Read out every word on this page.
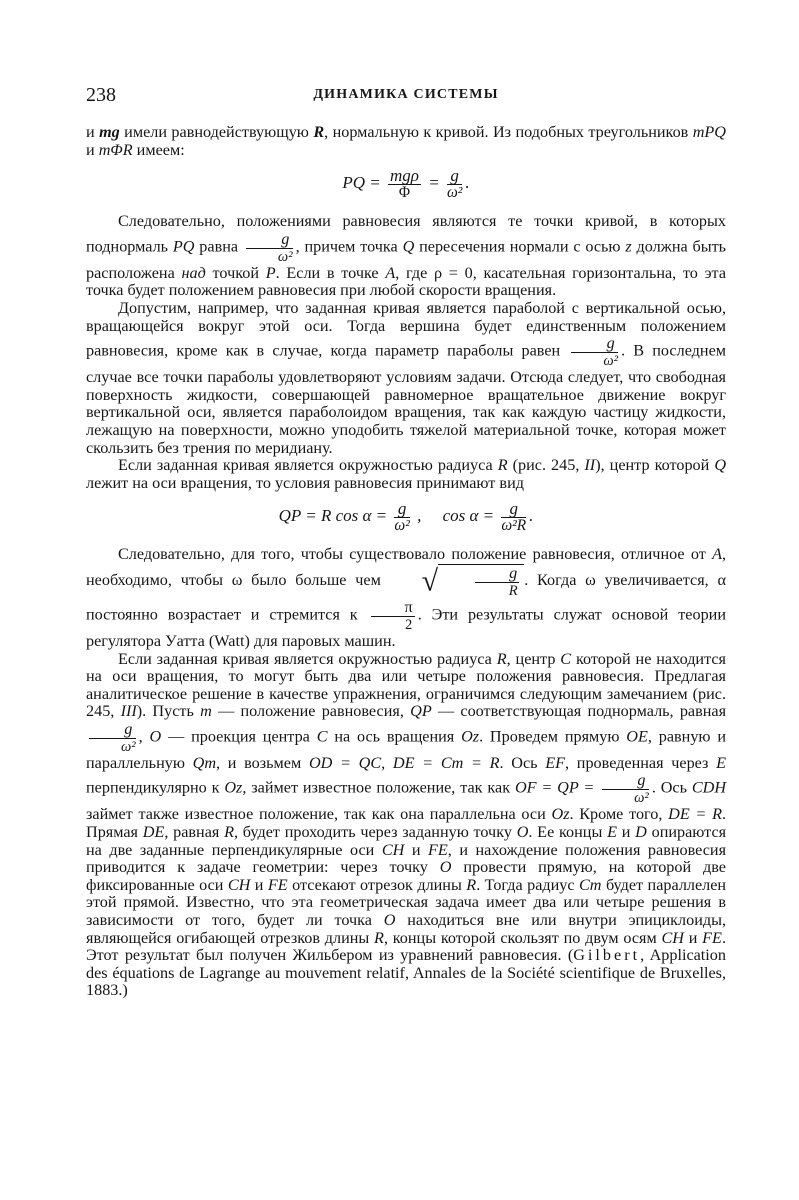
238	ДИНАМИКА СИСТЕМЫ

и mg имели равнодействующую R, нормальную к кривой. Из подобных треугольников mPQ и mΦR имеем:

PQ = $\frac{\text{mgρ}}{\Phi} = \frac{g}{\text{ω²}}$ .

Следовательно, положениями равновесия являются те точки кривой, в которых поднормаль PQ равна $\frac{g}{\text{ω²}}$ , причем точка Q пересечения нормали с осью z должна быть расположена над точкой P. Если в точке A, где ρ = 0, касательная горизонтальна, то эта точка будет положением равновесия при любой скорости вращения.

Допустим, например, что заданная кривая является параболой с вертикальной осью, вращающейся вокруг этой оси. Тогда вершина будет единственным положением равновесия, кроме как в случае, когда параметр параболы равен $\frac{g}{\text{ω²}}$ . В последнем случае все точки параболы удовлетворяют условиям задачи. Отсюда следует, что свободная поверхность жидкости, совершающей равномерное вращательное движение вокруг вертикальной оси, является параболоидом вращения, так как каждую частицу жидкости, лежащую на поверхности, можно уподобить тяжелой материальной точке, которая может скользить без трения по меридиану.

Если заданная кривая является окружностью радиуса R (рис. 245, II), центр которой Q лежит на оси вращения, то условия равновесия принимают вид

QP = R $\cos \alpha = \frac{g}{\text{ω²}}$ ,     $\cos \alpha = \frac{g}{\text{ω²R}}$ .

Следовательно, для того, чтобы существовало положение равновесия, отличное от A, необходимо, чтобы ω было больше чем √ $\frac{g}{R}$ . Когда ω увеличивается, α постоянно возрастает и стремится к $\frac{\pi}{2}$ . Эти результаты служат основой теории регулятора Уатта (Watt) для паровых машин.

Если заданная кривая является окружностью радиуса R, центр C которой не находится на оси вращения, то могут быть два или четыре положения равновесия. Предлагая аналитическое решение в качестве упражнения, ограничимся следующим замечанием (рис. 245, III). Пусть m — положение равновесия, QP — соответствующая поднормаль, равная
$\frac{g}{\text{ω²}}$ , O — проекция центра C на ось вращения Oz. Проведем прямую OE, равную и параллельную Qm, и возьмем OD = QC, DE = Cm = R. Ось EF, проведенная через E перпендикулярно к Oz, займет известное положение, так как OF = QP = $\frac{g}{\text{ω²}}$ . Ось CDH займет также известное положение, так как она параллельна оси Oz. Кроме того, DE = R. Прямая DE, равная R, будет проходить через заданную точку O. Ее концы E и D опираются на две заданные перпендикулярные оси CH и FE, и нахождение положения равновесия приводится к задаче геометрии: через точку O провести прямую, на которой две фиксированные оси CH и FE отсекают отрезок длины R. Тогда радиус Cm будет параллелен этой прямой. Известно, что эта геометрическая задача имеет два или четыре решения в зависимости от того, будет ли точка O находиться вне или внутри эпициклоиды, являющейся огибающей отрезков длины R, концы которой скользят по двум осям CH и FE. Этот результат был получен Жильбером из уравнений равновесия. (Gilbert, Application des équations de Lagrange au mouvement relatif, Annales de la Société scientifique de Bruxelles, 1883.)
